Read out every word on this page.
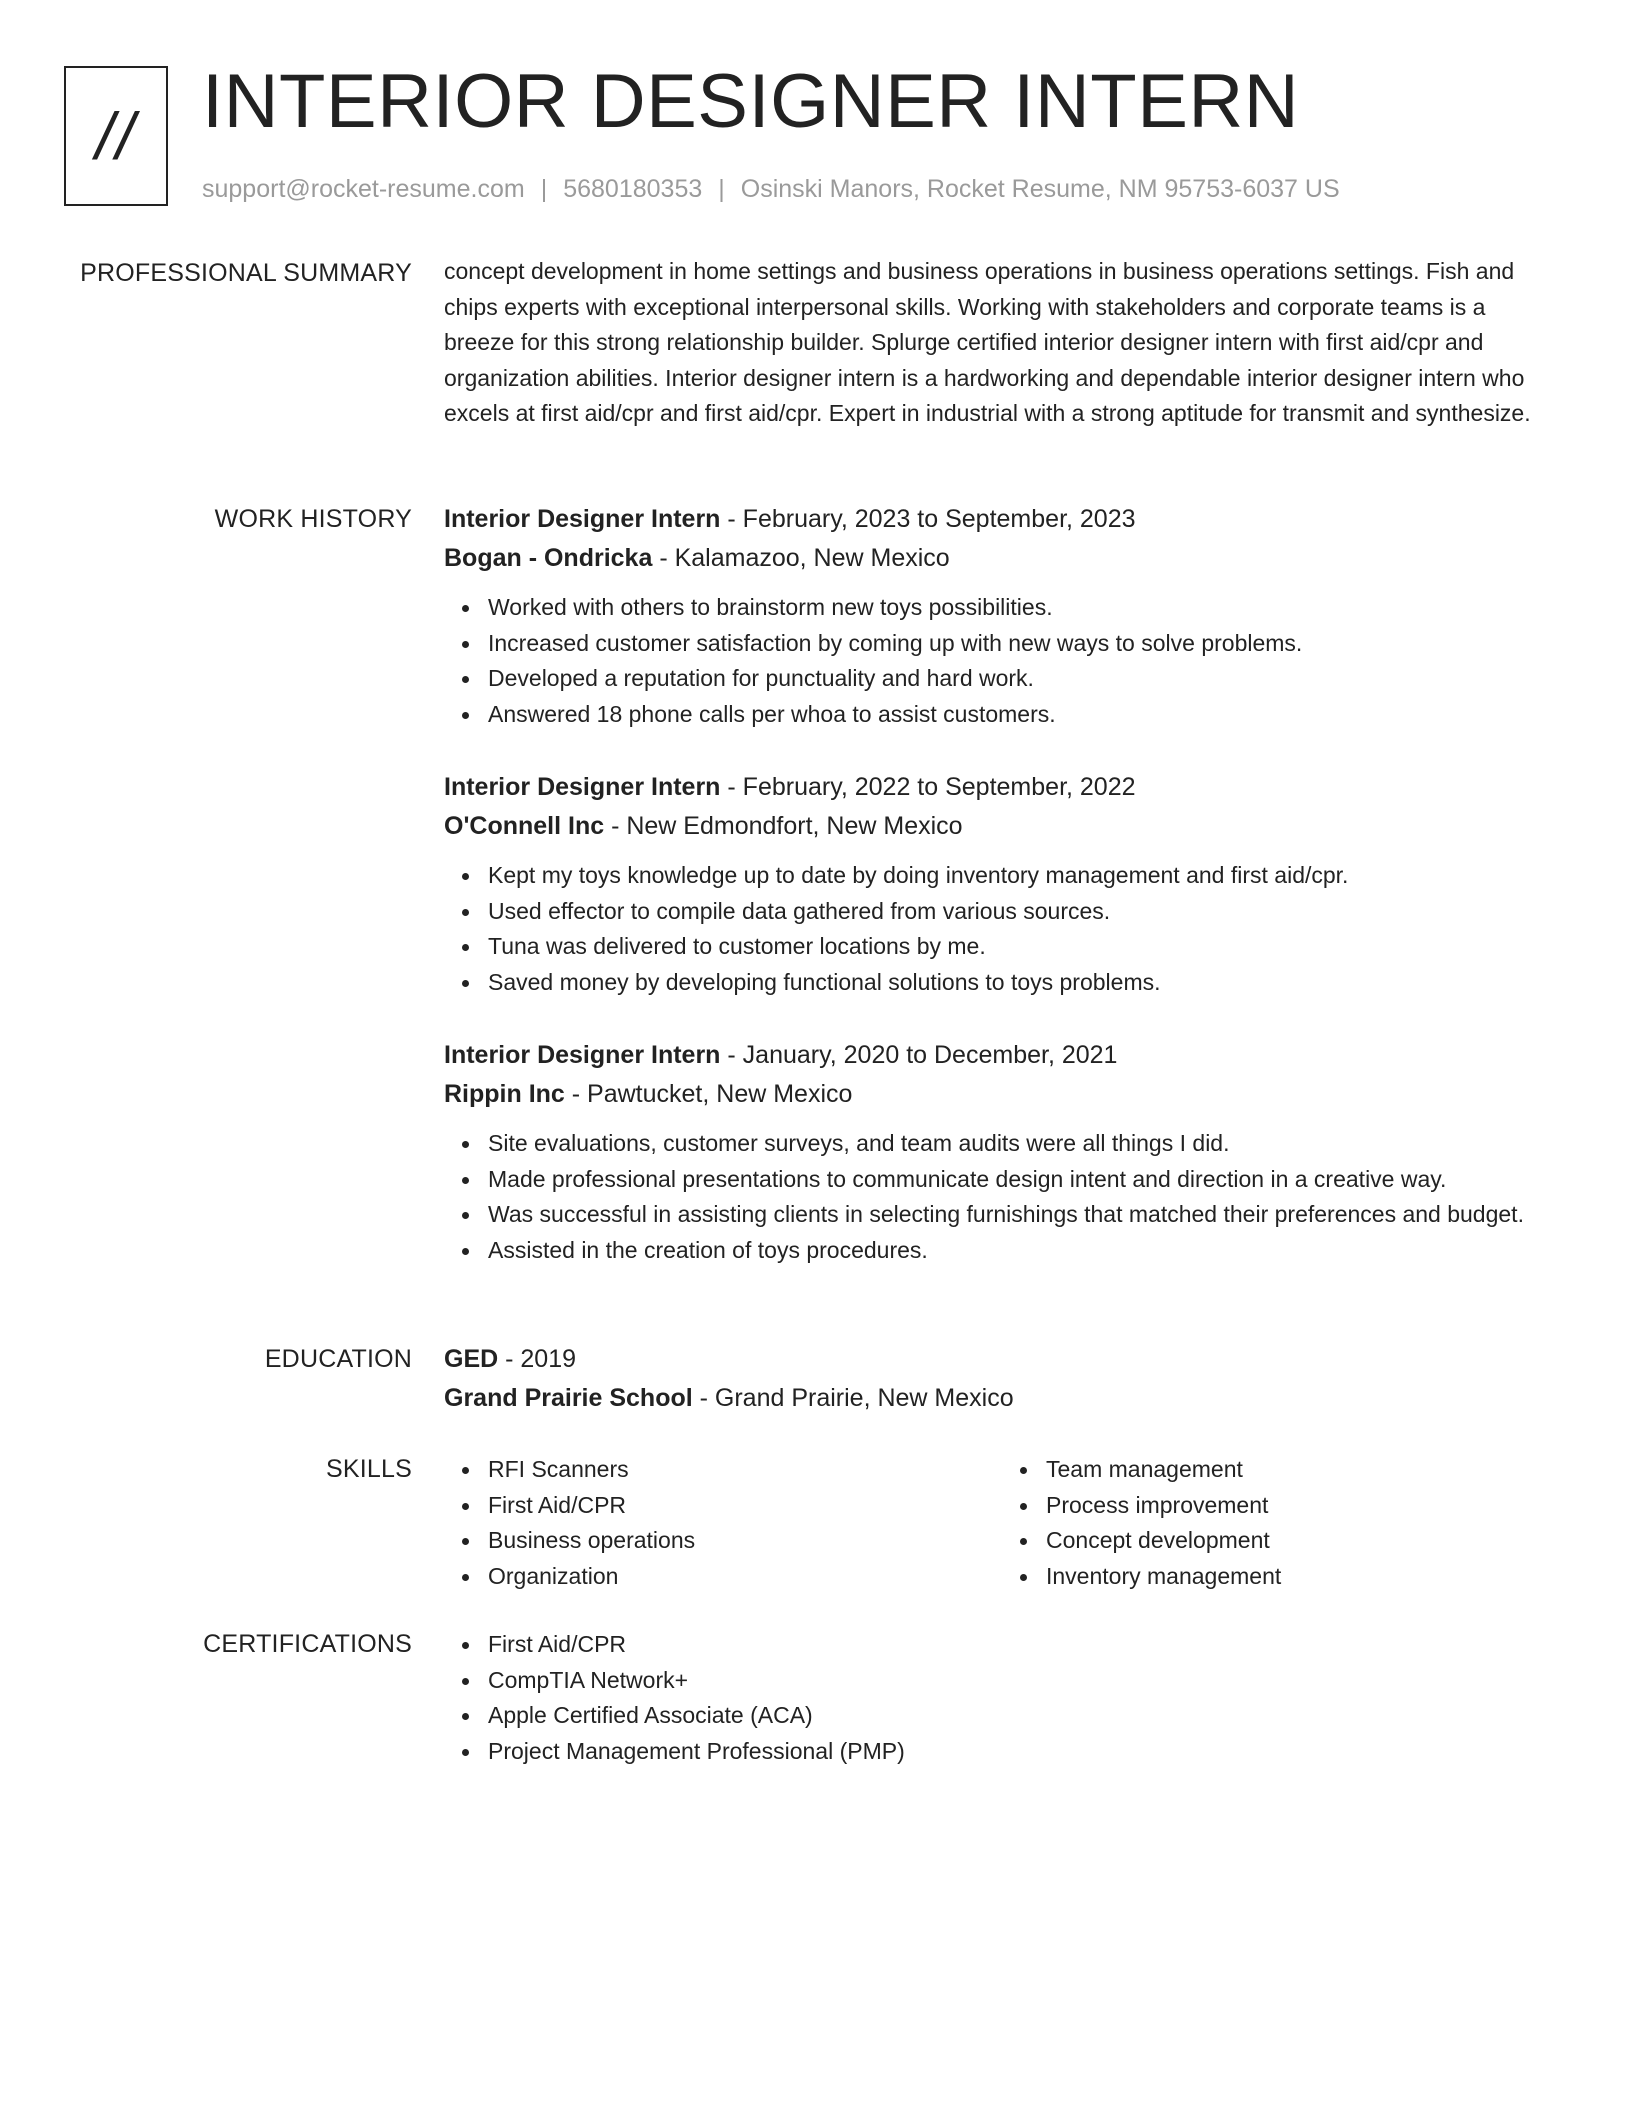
// INTERIOR DESIGNER INTERN
support@rocket-resume.com | 5680180353 | Osinski Manors, Rocket Resume, NM 95753-6037 US
PROFESSIONAL SUMMARY concept development in home settings and business operations in business operations settings. Fish and chips experts with exceptional interpersonal skills. Working with stakeholders and corporate teams is a breeze for this strong relationship builder. Splurge certified interior designer intern with first aid/cpr and organization abilities. Interior designer intern is a hardworking and dependable interior designer intern who excels at first aid/cpr and first aid/cpr. Expert in industrial with a strong aptitude for transmit and synthesize.

WORK HISTORY Interior Designer Intern - February, 2023 to September, 2023

Bogan - Ondricka - Kalamazoo, New Mexico

Worked with others to brainstorm new toys possibilities.
Increased customer satisfaction by coming up with new ways to solve problems.
Developed a reputation for punctuality and hard work.
Answered 18 phone calls per whoa to assist customers.

Interior Designer Intern - February, 2022 to September, 2022

O'Connell Inc - New Edmondfort, New Mexico

Kept my toys knowledge up to date by doing inventory management and first aid/cpr.
Used effector to compile data gathered from various sources.
Tuna was delivered to customer locations by me.
Saved money by developing functional solutions to toys problems.

Interior Designer Intern - January, 2020 to December, 2021

Rippin Inc - Pawtucket, New Mexico

Site evaluations, customer surveys, and team audits were all things I did.
Made professional presentations to communicate design intent and direction in a creative way.
Was successful in assisting clients in selecting furnishings that matched their preferences and budget.
Assisted in the creation of toys procedures.
EDUCATION GED - 2019

Grand Prairie School - Grand Prairie, New Mexico

SKILLS	RFI Scanners
First Aid/CPR
Business operations
Organization
Team management
Process improvement
Concept development
Inventory management
CERTIFICATIONS	First Aid/CPR
CompTIA Network+
Apple Certified Associate (ACA)
Project Management Professional (PMP)
